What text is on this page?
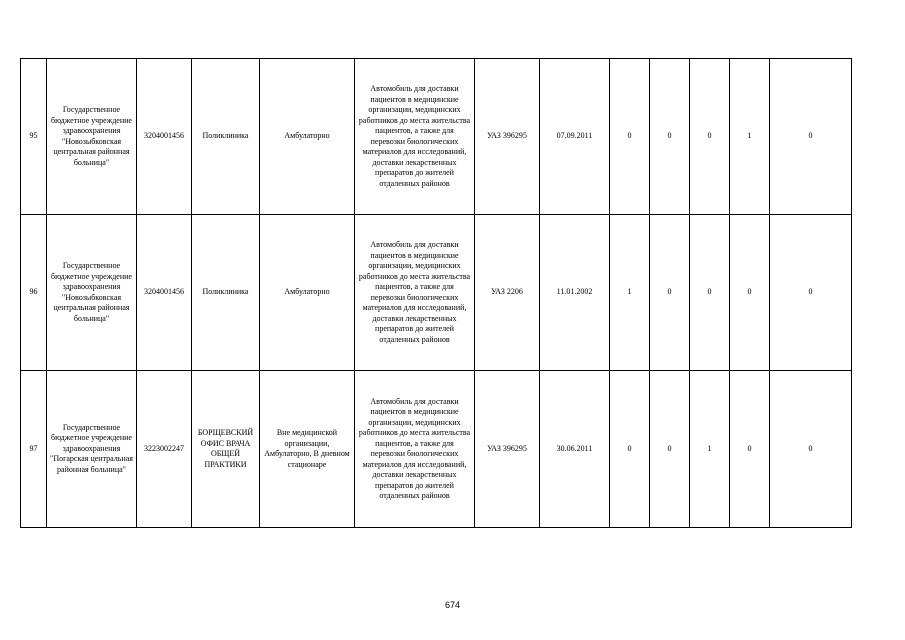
95	Государственное бюджетное учреждение здравоохранения "Новозыбковская центральная районная больница"	3204001456	Поликлиника	Амбулаторно	Автомобиль для доставки пациентов в медицинские организации, медицинских работников до места жительства пациентов, а также для перевозки биологических материалов для исследований, доставки лекарственных препаратов до жителей отдаленных районов	УАЗ 396295	07.09.2011	0	0	0	1	0
96	Государственное бюджетное учреждение здравоохранения "Новозыбковская центральная районная больница"	3204001456	Поликлиника	Амбулаторно	Автомобиль для доставки пациентов в медицинские организации, медицинских работников до места жительства пациентов, а также для перевозки биологических материалов для исследований, доставки лекарственных препаратов до жителей отдаленных районов	УАЗ 2206	11.01.2002	1	0	0	0	0
97	Государственное бюджетное учреждение здравоохранения "Погарская центральная районная больница"	3223002247	БОРЩЕВСКИЙ ОФИС ВРАЧА ОБЩЕЙ ПРАКТИКИ	Вне медицинской организации, Амбулаторно, В дневном стационаре	Автомобиль для доставки пациентов в медицинские организации, медицинских работников до места жительства пациентов, а также для перевозки биологических материалов для исследований, доставки лекарственных препаратов до жителей отдаленных районов	УАЗ 396295	30.06.2011	0	0	1	0	0
674
